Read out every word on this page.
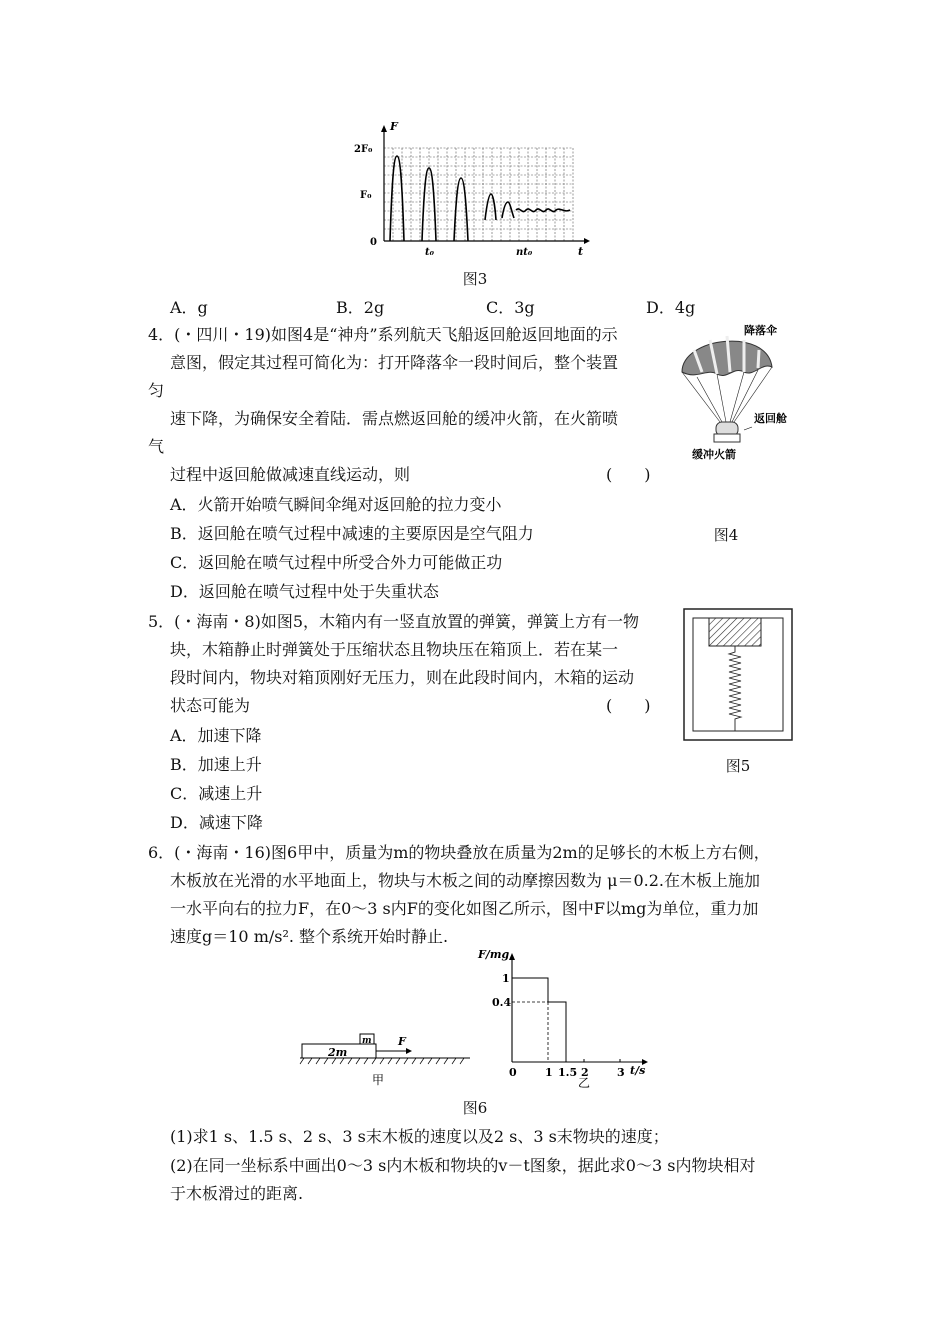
F
2F₀
F₀
0
t₀	nt₀	t
图3
A．g	B．2g	C．3g	D．4g
4．(・四川・19)如图4是“神舟”系列航天飞船返回舱返回地面的示
意图，假定其过程可简化为：打开降落伞一段时间后，整个装置
匀
速下降，为确保安全着陆．需点燃返回舱的缓冲火箭，在火箭喷
气
过程中返回舱做减速直线运动，则	(　　)
A．火箭开始喷气瞬间伞绳对返回舱的拉力变小
B．返回舱在喷气过程中减速的主要原因是空气阻力
C．返回舱在喷气过程中所受合外力可能做正功
D．返回舱在喷气过程中处于失重状态
降落伞
返回舱
缓冲火箭
图4
5．(・海南・8)如图5，木箱内有一竖直放置的弹簧，弹簧上方有一物
块，木箱静止时弹簧处于压缩状态且物块压在箱顶上．若在某一
段时间内，物块对箱顶刚好无压力，则在此段时间内，木箱的运动
状态可能为	(　　)
A．加速下降
B．加速上升
C．减速上升
D．减速下降
图5
6．(・海南・16)图6甲中，质量为m的物块叠放在质量为2m的足够长的木板上方右侧，
木板放在光滑的水平地面上，物块与木板之间的动摩擦因数为 μ＝0.2.在木板上施加
一水平向右的拉力F，在0～3 s内F的变化如图乙所示，图中F以mg为单位，重力加
速度g＝10 m/s². 整个系统开始时静止.
2m
m F
甲
F/mg
1
0.4
0	1 1.5 2	3 t/s
乙
图6
(1)求1 s、1.5 s、2 s、3 s末木板的速度以及2 s、3 s末物块的速度；
(2)在同一坐标系中画出0～3 s内木板和物块的v－t图象，据此求0～3 s内物块相对
于木板滑过的距离.
